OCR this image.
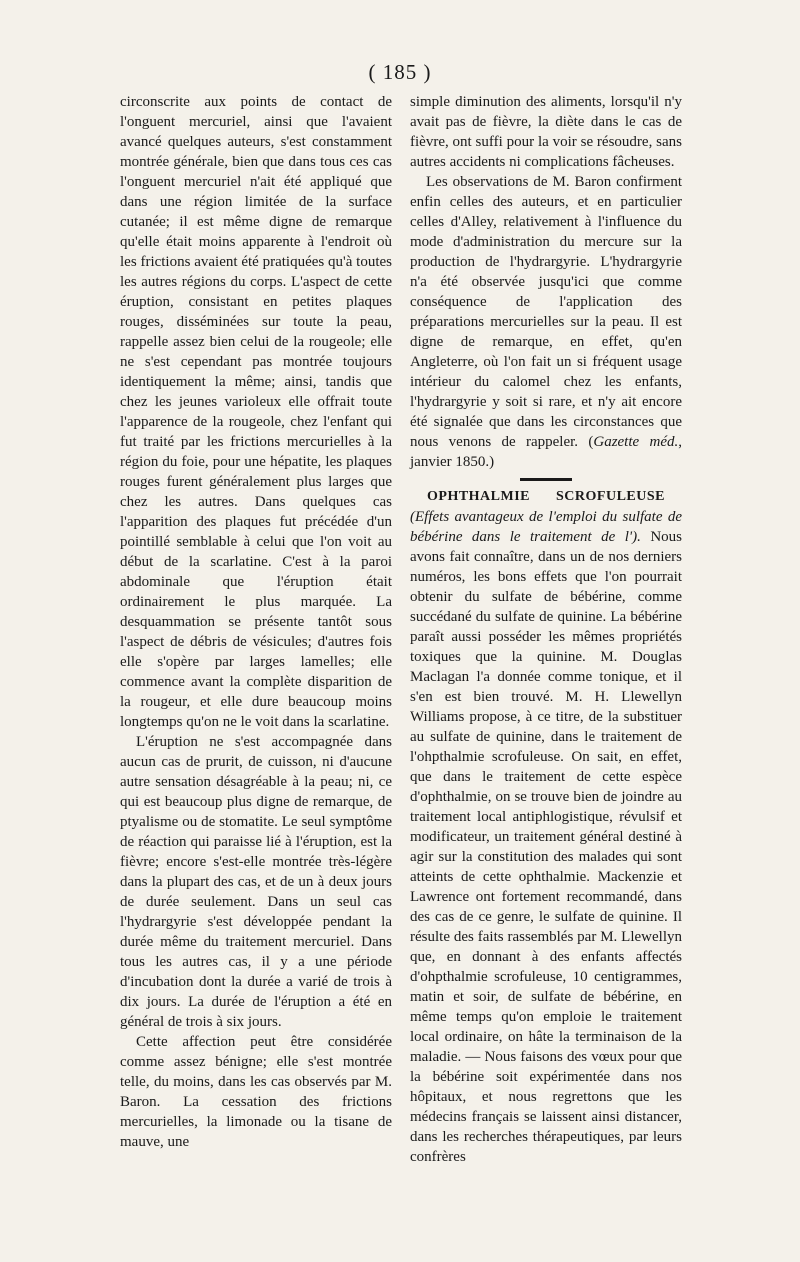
( 185 )

circonscrite aux points de contact de l'onguent mercuriel, ainsi que l'avaient avancé quelques auteurs, s'est constamment montrée générale, bien que dans tous ces cas l'onguent mercuriel n'ait été appliqué que dans une région limitée de la surface cutanée; il est même digne de remarque qu'elle était moins apparente à l'endroit où les frictions avaient été pratiquées qu'à toutes les autres régions du corps. L'aspect de cette éruption, consistant en petites plaques rouges, disséminées sur toute la peau, rappelle assez bien celui de la rougeole; elle ne s'est cependant pas montrée toujours identiquement la même; ainsi, tandis que chez les jeunes varioleux elle offrait toute l'apparence de la rougeole, chez l'enfant qui fut traité par les frictions mercurielles à la région du foie, pour une hépatite, les plaques rouges furent généralement plus larges que chez les autres. Dans quelques cas l'apparition des plaques fut précédée d'un pointillé semblable à celui que l'on voit au début de la scarlatine. C'est à la paroi abdominale que l'éruption était ordinairement le plus marquée. La desquammation se présente tantôt sous l'aspect de débris de vésicules; d'autres fois elle s'opère par larges lamelles; elle commence avant la complète disparition de la rougeur, et elle dure beaucoup moins longtemps qu'on ne le voit dans la scarlatine.

L'éruption ne s'est accompagnée dans aucun cas de prurit, de cuisson, ni d'aucune autre sensation désagréable à la peau; ni, ce qui est beaucoup plus digne de remarque, de ptyalisme ou de stomatite. Le seul symptôme de réaction qui paraisse lié à l'éruption, est la fièvre; encore s'est-elle montrée très-légère dans la plupart des cas, et de un à deux jours de durée seulement. Dans un seul cas l'hydrargyrie s'est développée pendant la durée même du traitement mercuriel. Dans tous les autres cas, il y a une période d'incubation dont la durée a varié de trois à dix jours. La durée de l'éruption a été en général de trois à six jours.

Cette affection peut être considérée comme assez bénigne; elle s'est montrée telle, du moins, dans les cas observés par M. Baron. La cessation des frictions mercurielles, la limonade ou la tisane de mauve, une

simple diminution des aliments, lorsqu'il n'y avait pas de fièvre, la diète dans le cas de fièvre, ont suffi pour la voir se résoudre, sans autres accidents ni complications fâcheuses.

Les observations de M. Baron confirment enfin celles des auteurs, et en particulier celles d'Alley, relativement à l'influence du mode d'administration du mercure sur la production de l'hydrargyrie. L'hydrargyrie n'a été observée jusqu'ici que comme conséquence de l'application des préparations mercurielles sur la peau. Il est digne de remarque, en effet, qu'en Angleterre, où l'on fait un si fréquent usage intérieur du calomel chez les enfants, l'hydrargyrie y soit si rare, et n'y ait encore été signalée que dans les circonstances que nous venons de rappeler. (Gazette méd., janvier 1850.)

OPHTHALMIE SCROFULEUSE

(Effets avantageux de l'emploi du sulfate de bébérine dans le traitement de l'). Nous avons fait connaître, dans un de nos derniers numéros, les bons effets que l'on pourrait obtenir du sulfate de bébérine, comme succédané du sulfate de quinine. La bébérine paraît aussi posséder les mêmes propriétés toxiques que la quinine. M. Douglas Maclagan l'a donnée comme tonique, et il s'en est bien trouvé. M. H. Llewellyn Williams propose, à ce titre, de la substituer au sulfate de quinine, dans le traitement de l'ohpthalmie scrofuleuse. On sait, en effet, que dans le traitement de cette espèce d'ophthalmie, on se trouve bien de joindre au traitement local antiphlogistique, révulsif et modificateur, un traitement général destiné à agir sur la constitution des malades qui sont atteints de cette ophthalmie. Mackenzie et Lawrence ont fortement recommandé, dans des cas de ce genre, le sulfate de quinine. Il résulte des faits rassemblés par M. Llewellyn que, en donnant à des enfants affectés d'ohpthalmie scrofuleuse, 10 centigrammes, matin et soir, de sulfate de bébérine, en même temps qu'on emploie le traitement local ordinaire, on hâte la terminaison de la maladie. — Nous faisons des vœux pour que la bébérine soit expérimentée dans nos hôpitaux, et nous regrettons que les médecins français se laissent ainsi distancer, dans les recherches thérapeutiques, par leurs confrères
